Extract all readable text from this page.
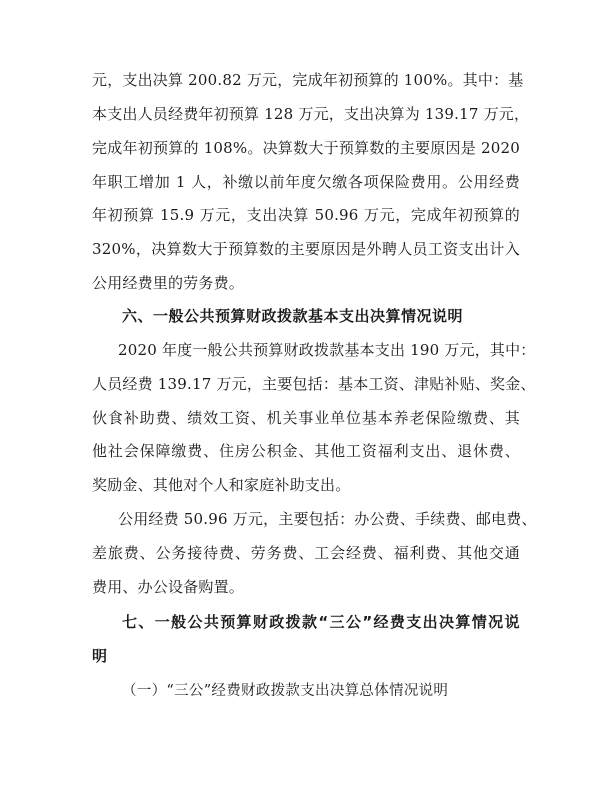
元，支出决算 200.82 万元，完成年初预算的 100%。其中：基
本支出人员经费年初预算 128 万元，支出决算为 139.17 万元，
完成年初预算的 108%。决算数大于预算数的主要原因是 2020
年职工增加 1 人，补缴以前年度欠缴各项保险费用。公用经费
年初预算 15.9 万元，支出决算 50.96 万元，完成年初预算的
320%，决算数大于预算数的主要原因是外聘人员工资支出计入
公用经费里的劳务费。
六、一般公共预算财政拨款基本支出决算情况说明
2020 年度一般公共预算财政拨款基本支出 190 万元，其中：
人员经费 139.17 万元，主要包括：基本工资、津贴补贴、奖金、
伙食补助费、绩效工资、机关事业单位基本养老保险缴费、其
他社会保障缴费、住房公积金、其他工资福利支出、退休费、
奖励金、其他对个人和家庭补助支出。
公用经费 50.96 万元，主要包括：办公费、手续费、邮电费、
差旅费、公务接待费、劳务费、工会经费、福利费、其他交通
费用、办公设备购置。
七、一般公共预算财政拨款“三公”经费支出决算情况说
明
（一）“三公”经费财政拨款支出决算总体情况说明
